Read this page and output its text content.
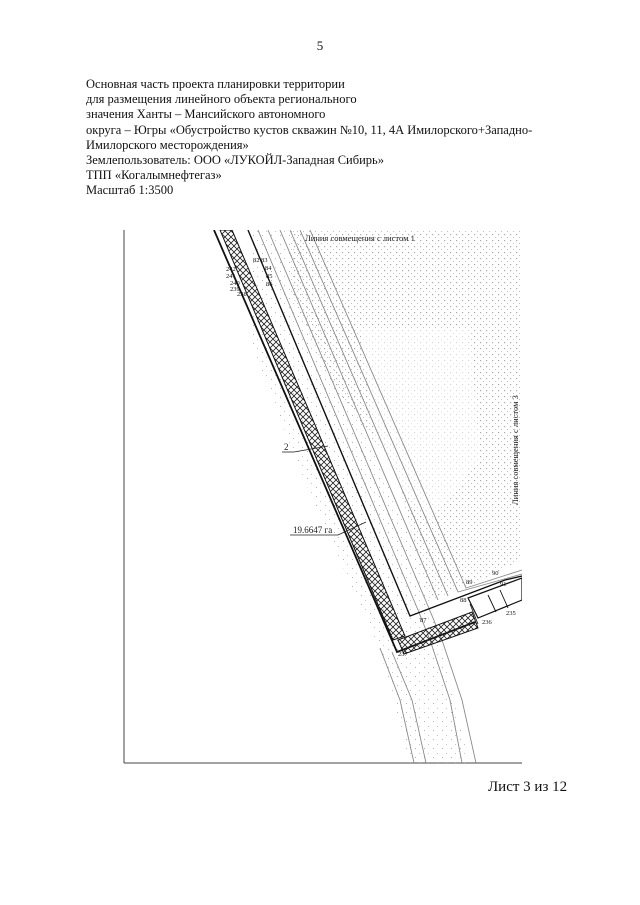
5
Основная часть проекта планировки территории
для размещения линейного объекта регионального
значения Ханты – Мансийского автономного
округа – Югры «Обустройство кустов скважин №10, 11, 4А Имилорского+Западно-
Имилорского месторождения»
Землепользователь: ООО «ЛУКОЙЛ-Западная Сибирь»
ТПП «Когалымнефтегаз»
Масштаб 1:3500
Линия совмещения с листом 1
Линия совмещения с листом 3
2
19.6647 га
82 83
84
85
86
242
241
240
239
238
90
91
89
88
87
235
236
237
Лист 3 из 12
